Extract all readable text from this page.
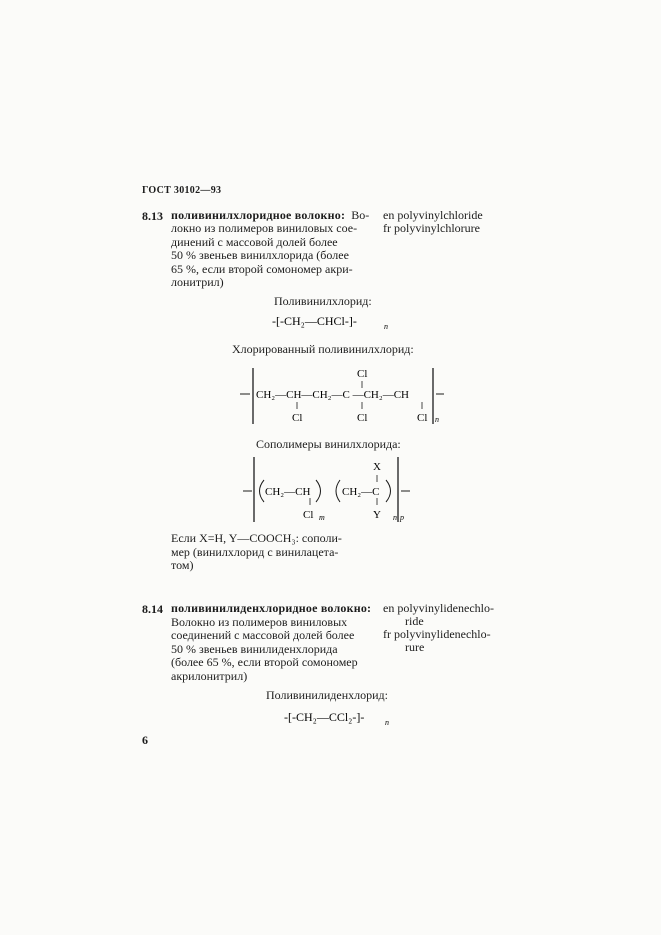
ГОСТ 30102—93
8.13 поливинилхлоридное волокно: Во-
локно из полимеров виниловых сое-
динений с массовой долей более
50 % звеньев винилхлорида (более
65 %, если второй сомономер акри-
лонитрил)
en polyvinylchloride
fr polyvinylchlorure
Поливинилхлорид:
-[-CH₂—CHCl-]-	n
Хлорированный поливинилхлорид:
CH₂—CH—CH₂—C —CH₂—CH
Cl
Cl
Cl	Cl n
Сополимеры винилхлорида:
CH₂—CH
Cl m
CH₂—C
X
Y n p
Если X=H, Y—COOCH₃: сополи-
мер (винилхлорид с винилацета-
том)
8.14 поливинилиденхлоридное волокно:
Волокно из полимеров виниловых
соединений с массовой долей более
50 % звеньев винилиденхлорида
(более 65 %, если второй сомономер
акрилонитрил)
en polyvinylidenechlo-
ride
fr polyvinylidenechlo-
rure
Поливинилиденхлорид:
-[-CH₂—CCl₂-]-	n
6
